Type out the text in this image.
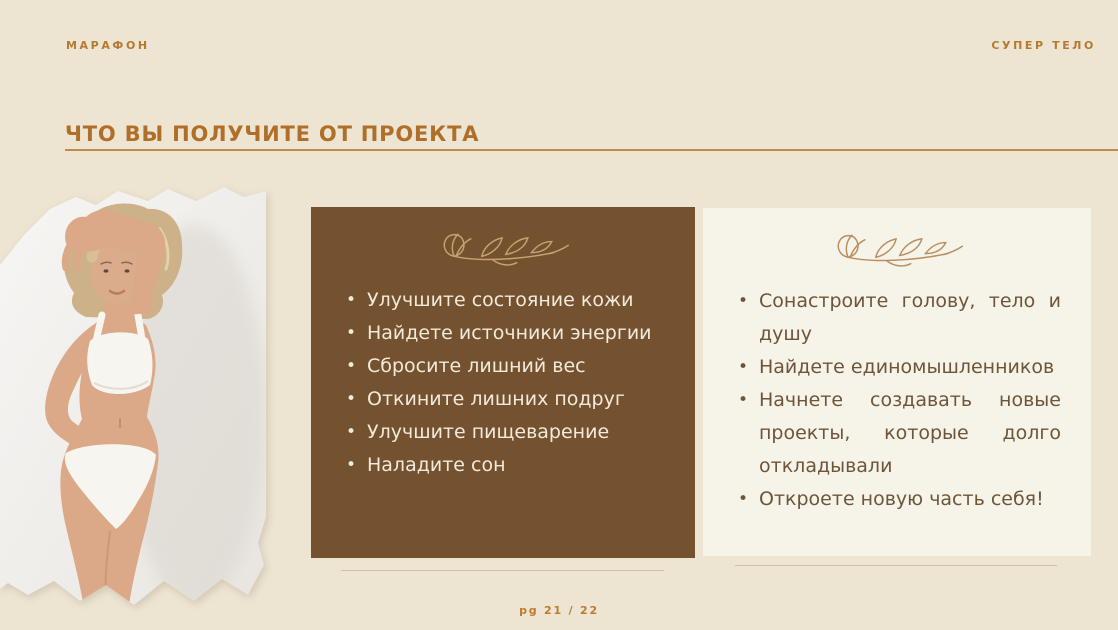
МАРАФОН	СУПЕР ТЕЛО
ЧТО ВЫ ПОЛУЧИТЕ ОТ ПРОЕКТА
• Улучшите состояние кожи
• Найдете источники энергии
• Сбросите лишний вес
• Откините лишних подруг
• Улучшите пищеварение
• Наладите сон
• Сонастроите голову, тело и душу
• Найдете единомышленников
• Начнете создавать новые проекты, которые долго откладывали
• Откроете новую часть себя!
pg 21 / 22
